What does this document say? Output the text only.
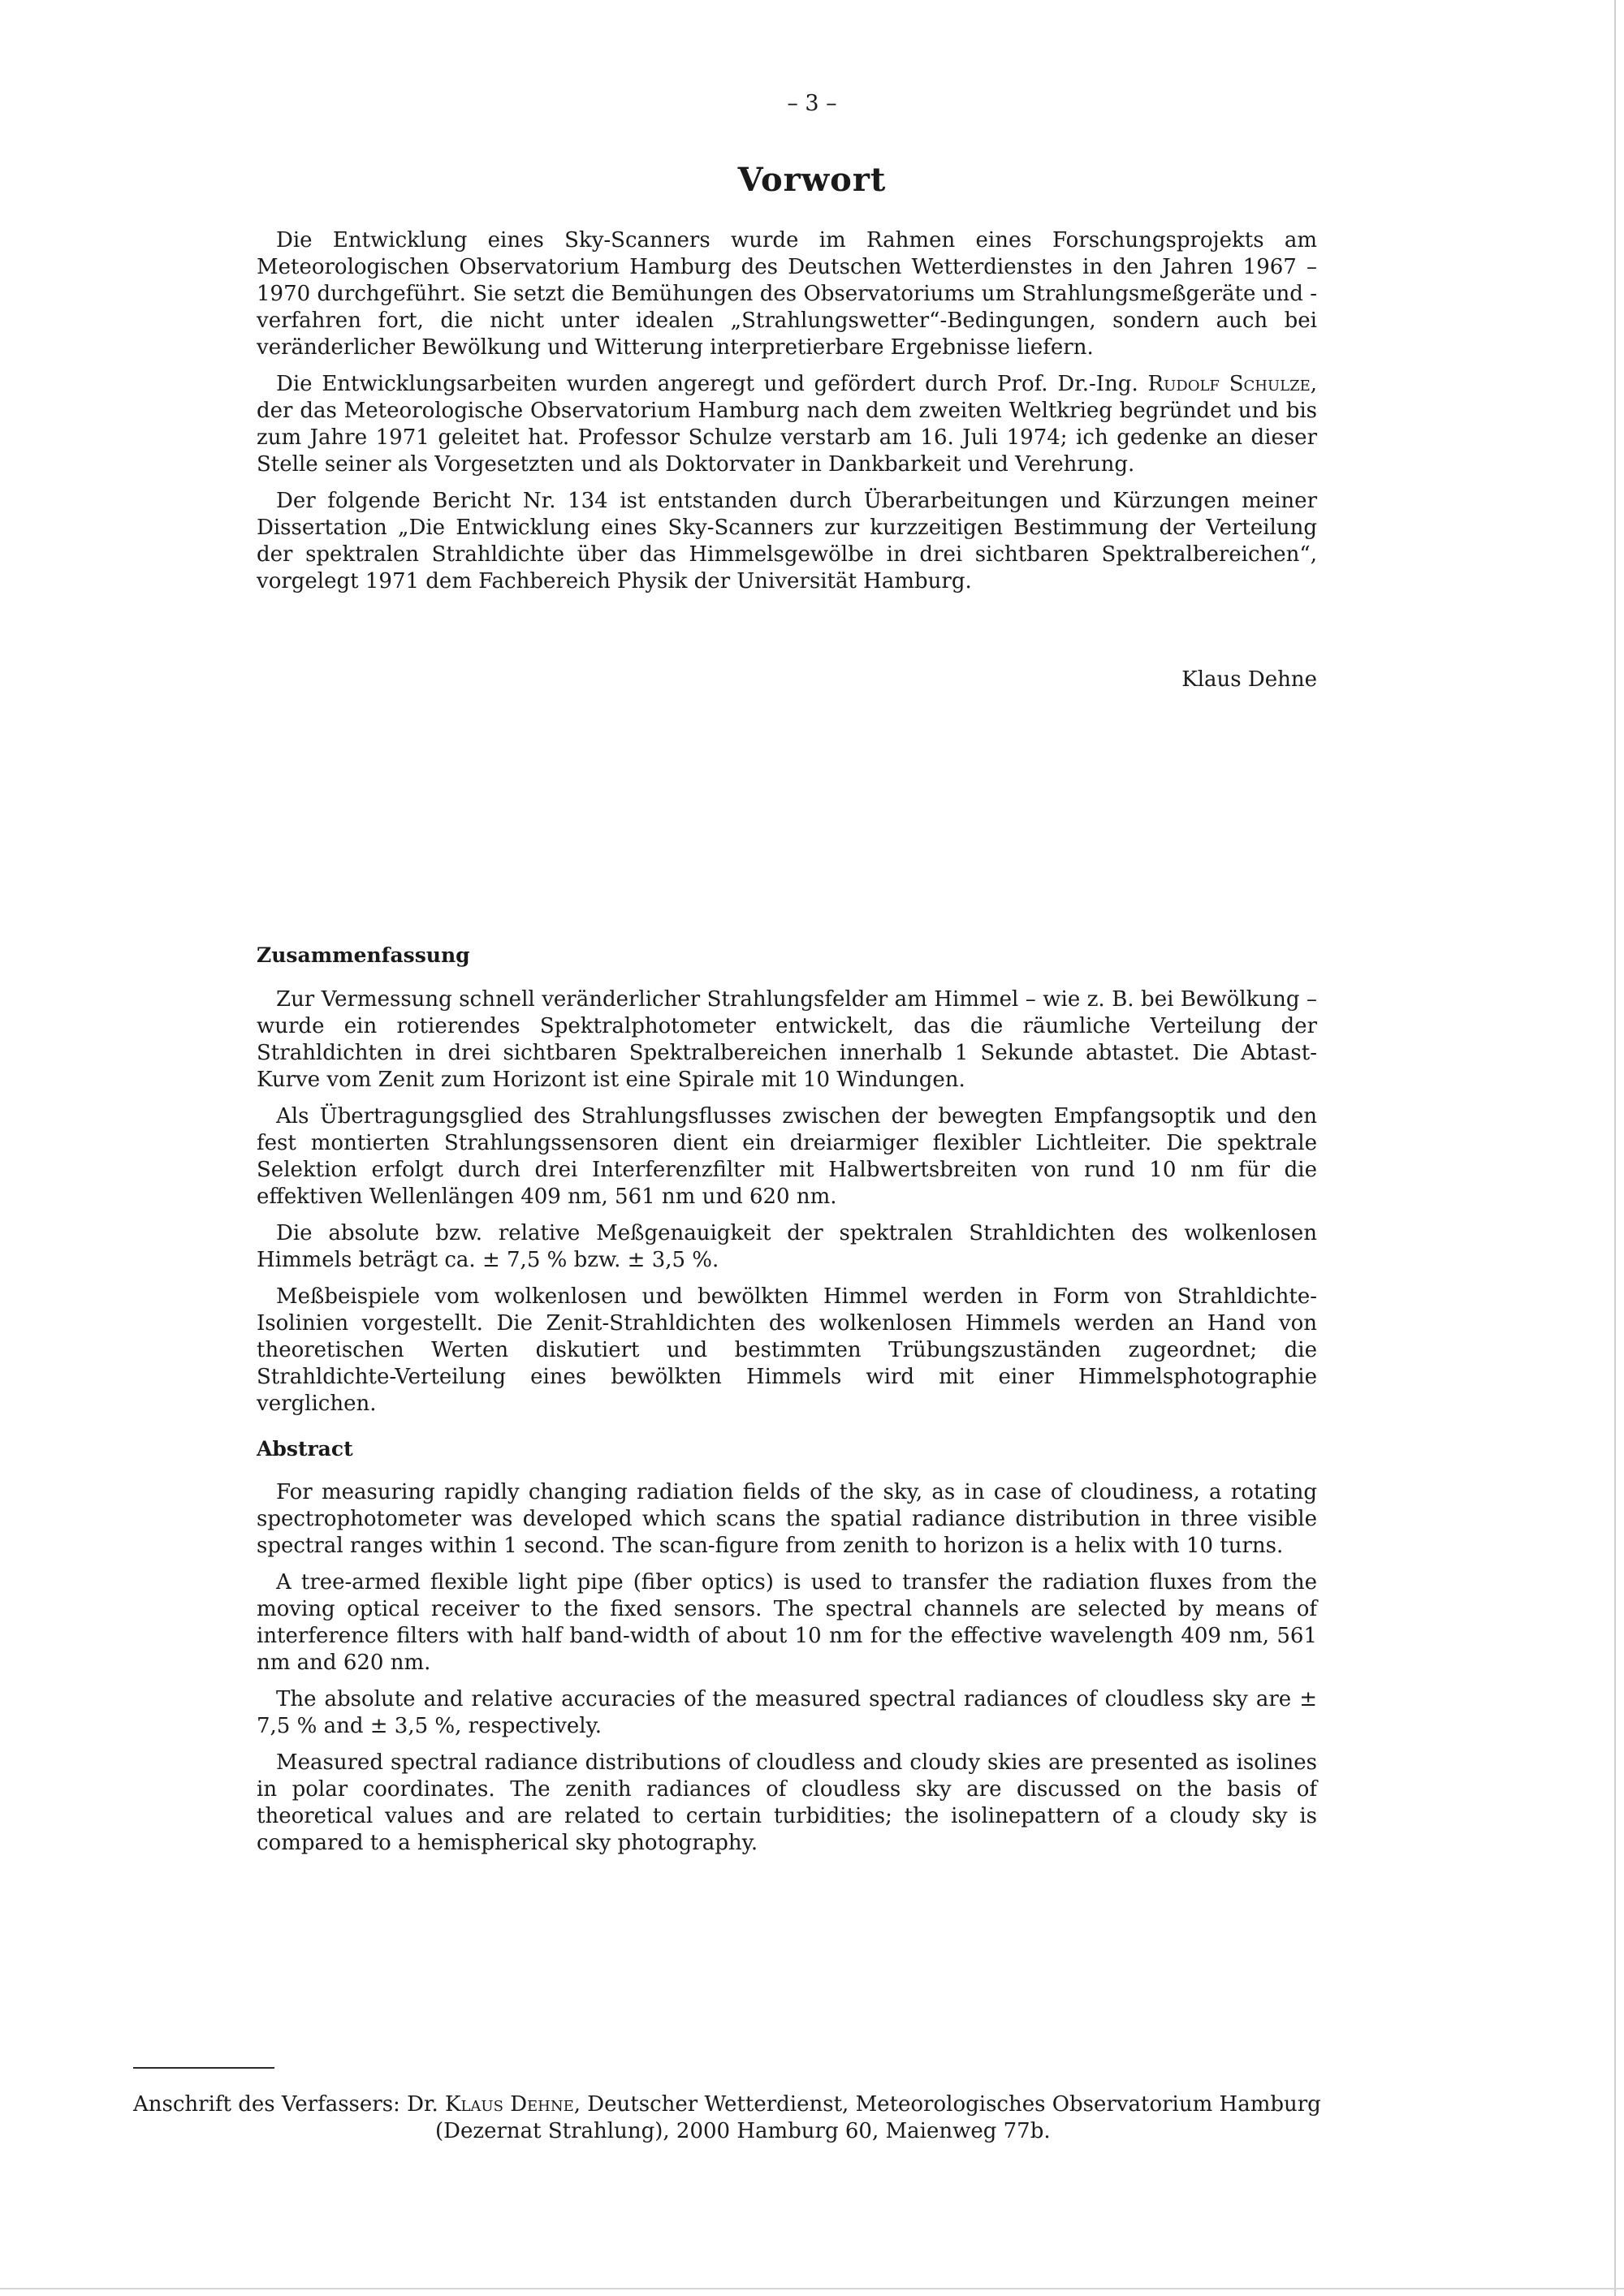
– 3 –
Vorwort

Die Entwicklung eines Sky-Scanners wurde im Rahmen eines Forschungsprojekts am Meteorologischen Observatorium Hamburg des Deutschen Wetterdienstes in den Jahren 1967 – 1970 durchgeführt. Sie setzt die Bemühungen des Observatoriums um Strahlungsmeßgeräte und -verfahren fort, die nicht unter idealen „Strahlungswetter“-Bedingungen, sondern auch bei veränderlicher Bewölkung und Witterung interpretierbare Ergebnisse liefern.

Die Entwicklungsarbeiten wurden angeregt und gefördert durch Prof. Dr.-Ing. Rudolf Schulze, der das Meteorologische Observatorium Hamburg nach dem zweiten Weltkrieg begründet und bis zum Jahre 1971 geleitet hat. Professor Schulze verstarb am 16. Juli 1974; ich gedenke an dieser Stelle seiner als Vorgesetzten und als Doktorvater in Dankbarkeit und Verehrung.

Der folgende Bericht Nr. 134 ist entstanden durch Überarbeitungen und Kürzungen meiner Dissertation „Die Entwicklung eines Sky-Scanners zur kurzzeitigen Bestimmung der Verteilung der spektralen Strahldichte über das Himmelsgewölbe in drei sichtbaren Spektralbereichen“, vorgelegt 1971 dem Fachbereich Physik der Universität Hamburg.

Klaus Dehne
Zusammenfassung

Zur Vermessung schnell veränderlicher Strahlungsfelder am Himmel – wie z. B. bei Bewölkung – wurde ein rotierendes Spektralphotometer entwickelt, das die räumliche Verteilung der Strahldichten in drei sichtbaren Spektralbereichen innerhalb 1 Sekunde abtastet. Die Abtast-Kurve vom Zenit zum Horizont ist eine Spirale mit 10 Windungen.

Als Übertragungsglied des Strahlungsflusses zwischen der bewegten Empfangsoptik und den fest montierten Strahlungssensoren dient ein dreiarmiger flexibler Lichtleiter. Die spektrale Selektion erfolgt durch drei Interferenzfilter mit Halbwertsbreiten von rund 10 nm für die effektiven Wellenlängen 409 nm, 561 nm und 620 nm.

Die absolute bzw. relative Meßgenauigkeit der spektralen Strahldichten des wolkenlosen Himmels beträgt ca. ± 7,5 % bzw. ± 3,5 %.

Meßbeispiele vom wolkenlosen und bewölkten Himmel werden in Form von Strahldichte-Isolinien vorgestellt. Die Zenit-Strahldichten des wolkenlosen Himmels werden an Hand von theoretischen Werten diskutiert und bestimmten Trübungszuständen zugeordnet; die Strahldichte-Verteilung eines bewölkten Himmels wird mit einer Himmelsphotographie verglichen.

Abstract

For measuring rapidly changing radiation fields of the sky, as in case of cloudiness, a rotating spectrophotometer was developed which scans the spatial radiance distribution in three visible spectral ranges within 1 second. The scan-figure from zenith to horizon is a helix with 10 turns.

A tree-armed flexible light pipe (fiber optics) is used to transfer the radiation fluxes from the moving optical receiver to the fixed sensors. The spectral channels are selected by means of interference filters with half band-width of about 10 nm for the effective wavelength 409 nm, 561 nm and 620 nm.

The absolute and relative accuracies of the measured spectral radiances of cloudless sky are ± 7,5 % and ± 3,5 %, respectively.

Measured spectral radiance distributions of cloudless and cloudy skies are presented as isolines in polar coordinates. The zenith radiances of cloudless sky are discussed on the basis of theoretical values and are related to certain turbidities; the isolinepattern of a cloudy sky is compared to a hemispherical sky photography.

Anschrift des Verfassers: Dr. Klaus Dehne, Deutscher Wetterdienst, Meteorologisches Observatorium Hamburg
(Dezernat Strahlung), 2000 Hamburg 60, Maienweg 77b.
